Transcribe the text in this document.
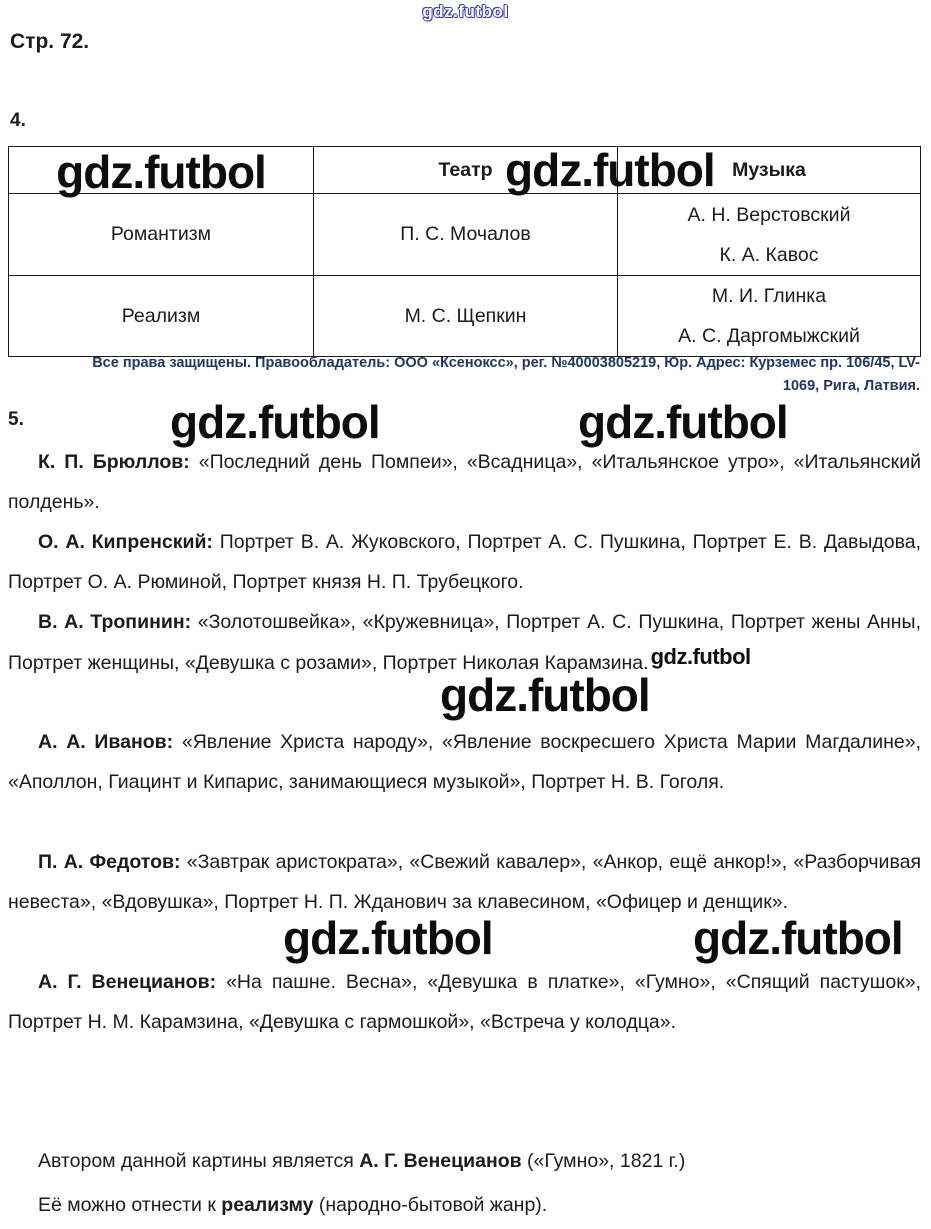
gdz.futbol
Стр. 72.
4.
gdz.futbol	Театр	Музыка
Романтизм	П. С. Мочалов	А. Н. Верстовский
К. А. Кавос

Реализм	М. С. Щепкин	М. И. Глинка
А. С. Даргомыжский
gdz.futbol
Все права защищены. Правообладатель: ООО «Ксеноксс», рег. №40003805219, Юр. Адрес: Курземес пр. 106/45, LV-
1069, Рига, Латвия.
gdz.futbol	gdz.futbol
gdz.futbol
gdz.futbol	gdz.futbol
5.

К. П. Брюллов: «Последний день Помпеи», «Всадница», «Итальянское утро», «Итальянский полдень».

О. А. Кипренский: Портрет В. А. Жуковского, Портрет А. С. Пушкина, Портрет Е. В. Давыдова, Портрет О. А. Рюминой, Портрет князя Н. П. Трубецкого.

В. А. Тропинин: «Золотошвейка», «Кружевница», Портрет А. С. Пушкина, Портрет жены Анны, Портрет женщины, «Девушка с розами», Портрет Николая Карамзина.gdz.futbol

А. А. Иванов: «Явление Христа народу», «Явление воскресшего Христа Марии Магдалине», «Аполлон, Гиацинт и Кипарис, занимающиеся музыкой», Портрет Н. В. Гоголя.

П. А. Федотов: «Завтрак аристократа», «Свежий кавалер», «Анкор, ещё анкор!», «Разборчивая невеста», «Вдовушка», Портрет Н. П. Жданович за клавесином, «Офицер и денщик».

А. Г. Венецианов: «На пашне. Весна», «Девушка в платке», «Гумно», «Спящий пастушок», Портрет Н. М. Карамзина, «Девушка с гармошкой», «Встреча у колодца».

Автором данной картины является А. Г. Венецианов («Гумно», 1821 г.)
Её можно отнести к реализму (народно-бытовой жанр).
